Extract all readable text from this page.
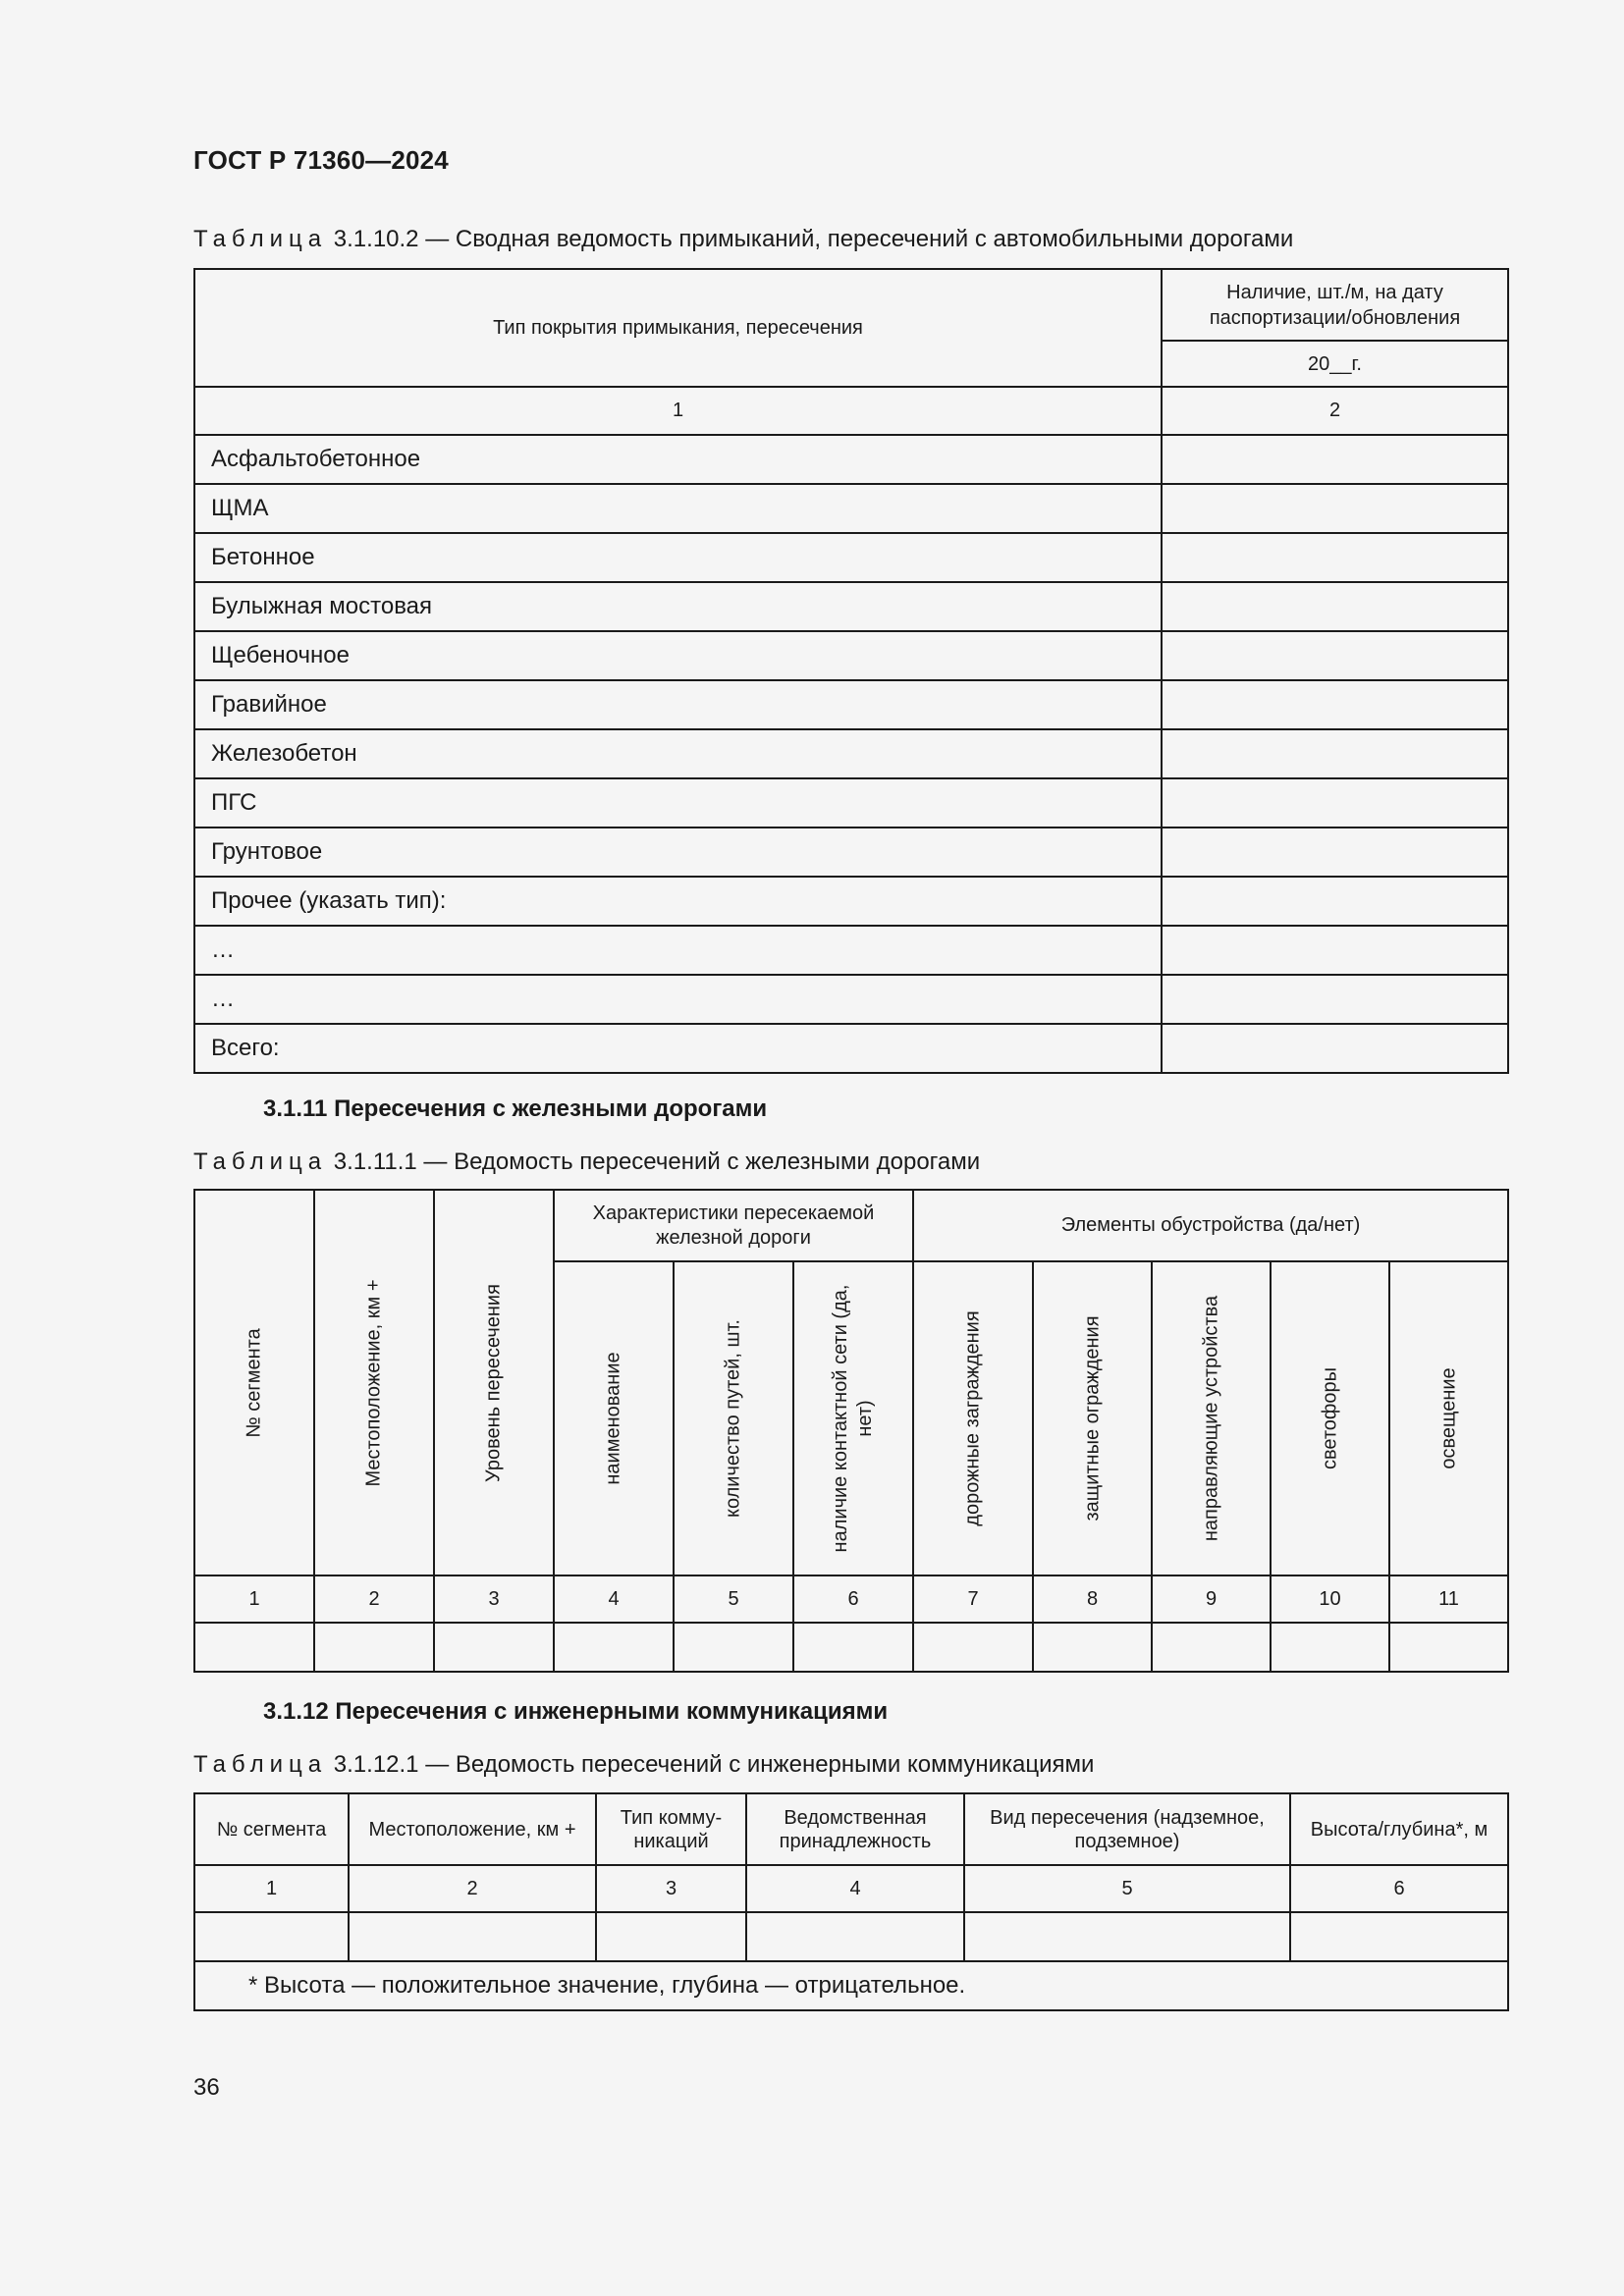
ГОСТ Р 71360—2024
Таблица 3.1.10.2 — Сводная ведомость примыканий, пересечений с автомобильными дорогами
Тип покрытия примыкания, пересечения	Наличие, шт./м, на дату паспортизации/обновления
	20__г.
1	2
Асфальтобетонное	
ЩМА	
Бетонное	
Булыжная мостовая	
Щебеночное	
Гравийное	
Железобетон	
ПГС	
Грунтовое	
Прочее (указать тип):	
…	
…	
Всего:	
3.1.11 Пересечения с железными дорогами
Таблица 3.1.11.1 — Ведомость пересечений с железными дорогами
№ сегмента	Местоположение, км +	Уровень пересечения	Характеристики пересекаемой железной дороги			Элементы обустройства (да/нет)				

			наименование	количество путей, шт.	наличие контактной сети (да, нет)	дорожные заграждения	защитные ограждения	направляющие устройства	светофоры	освещение

1	2	3	4	5	6	7	8	9	10	11

3.1.12 Пересечения с инженерными коммуникациями
Таблица 3.1.12.1 — Ведомость пересечений с инженерными коммуникациями
№ сегмента	Местоположение, км +	Тип комму- никаций	Ведомственная принадлежность	Вид пересечения (надземное, подземное)	Высота/глубина*, м
1	2	3	4	5	6

* Высота — положительное значение, глубина — отрицательное.					
36
